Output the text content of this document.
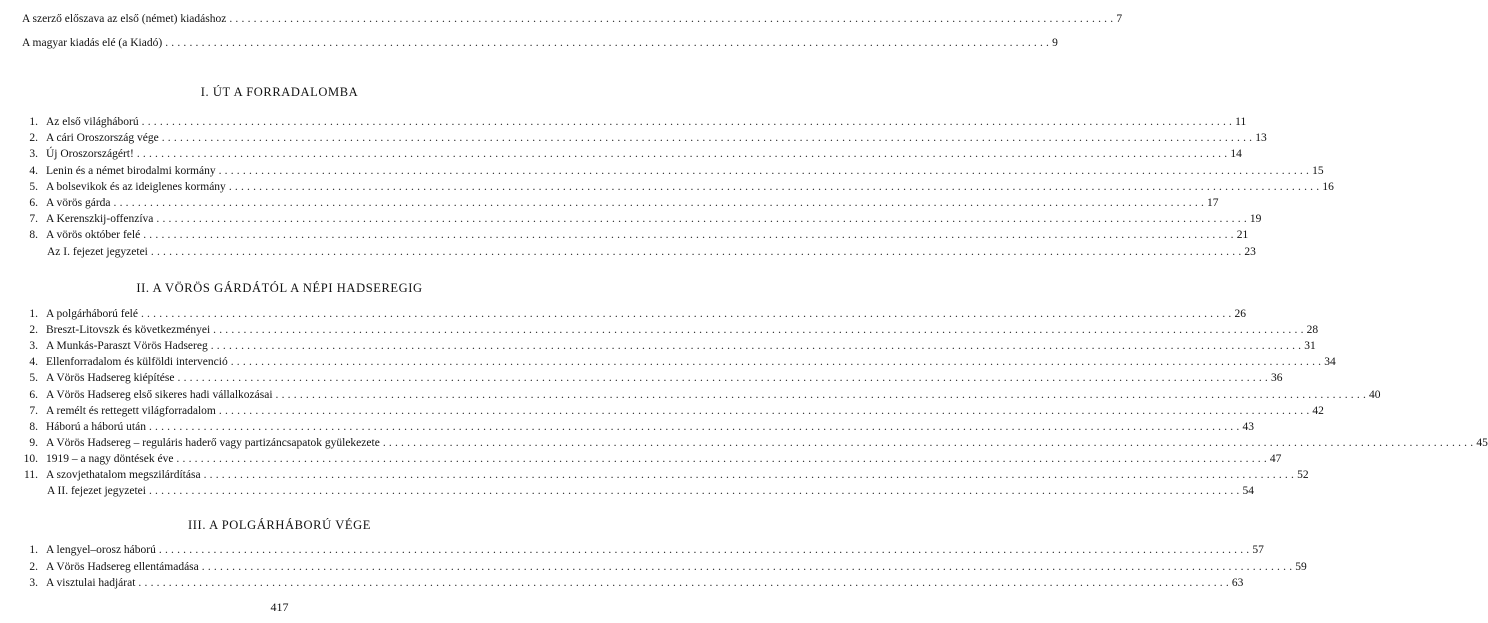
A szerző előszava az első (német) kiadáshoz .................................................................................................................................................. 7
A magyar kiadás elé (a Kiadó) .................................................................................................................................................. 9
I. ÚT A FORRADALOMBA
1. Az első világháború .................................................................................................................................................................................... 11
2. A cári Oroszország vége .................................................................................................................................................................................... 13
3. Új Oroszországért! .................................................................................................................................................................................... 14
4. Lenin és a német birodalmi kormány .................................................................................................................................................................................... 15
5. A bolsevikok és az ideiglenes kormány .................................................................................................................................................................................... 16
6. A vörös gárda .................................................................................................................................................................................... 17
7. A Kerenszkij-offenzíva .................................................................................................................................................................................... 19
8. A vörös október felé .................................................................................................................................................................................... 21
Az I. fejezet jegyzetei .................................................................................................................................................................................... 23
II. A VÖRÖS GÁRDÁTÓL A NÉPI HADSEREGIG
1. A polgárháború felé .................................................................................................................................................................................... 26
2. Breszt-Litovszk és következményei .................................................................................................................................................................................... 28
3. A Munkás-Paraszt Vörös Hadsereg .................................................................................................................................................................................... 31
4. Ellenforradalom és külföldi intervenció .................................................................................................................................................................................... 34
5. A Vörös Hadsereg kiépítése .................................................................................................................................................................................... 36
6. A Vörös Hadsereg első sikeres hadi vállalkozásai .................................................................................................................................................................................... 40
7. A remélt és rettegett világforradalom .................................................................................................................................................................................... 42
8. Háború a háború után .................................................................................................................................................................................... 43
9. A Vörös Hadsereg – reguláris haderő vagy partizáncsapatok gyülekezete .................................................................................................................................................................................... 45
10. 1919 – a nagy döntések éve .................................................................................................................................................................................... 47
11. A szovjethatalom megszilárdítása .................................................................................................................................................................................... 52
A II. fejezet jegyzetei .................................................................................................................................................................................... 54
III. A POLGÁRHÁBORÚ VÉGE
1. A lengyel–orosz háború .................................................................................................................................................................................... 57
2. A Vörös Hadsereg ellentámadása .................................................................................................................................................................................... 59
3. A visztulai hadjárat .................................................................................................................................................................................... 63
417
